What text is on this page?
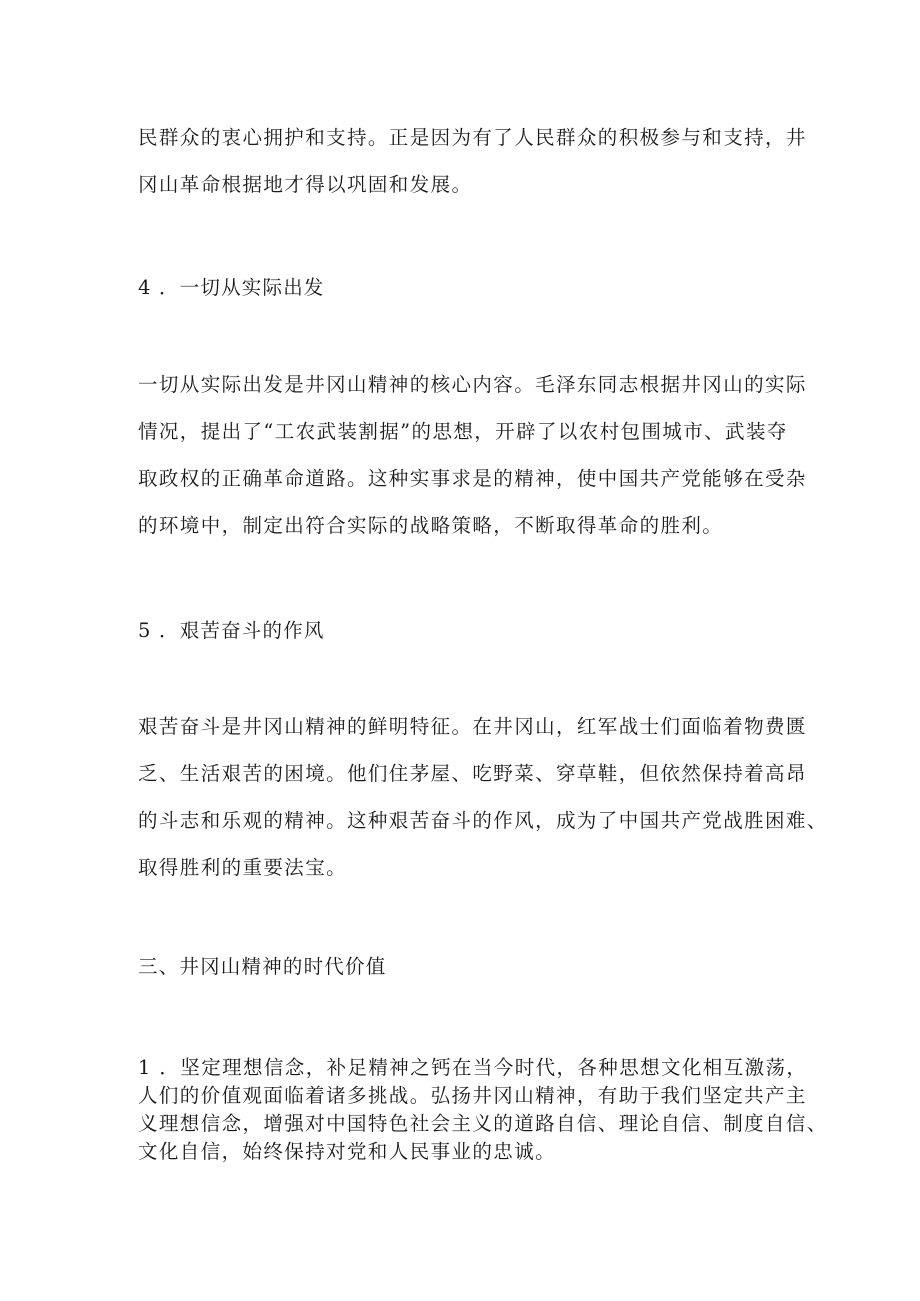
民群众的衷心拥护和支持。正是因为有了人民群众的积极参与和支持，井
冈山革命根据地才得以巩固和发展。
4 ．一切从实际出发
一切从实际出发是井冈山精神的核心内容。毛泽东同志根据井冈山的实际
情况，提出了“工农武装割据”的思想，开辟了以农村包围城市、武装夺
取政权的正确革命道路。这种实事求是的精神，使中国共产党能够在受杂
的环境中，制定出符合实际的战略策略，不断取得革命的胜利。
5 ．艰苦奋斗的作风
艰苦奋斗是井冈山精神的鲜明特征。在井冈山，红军战士们面临着物费匮
乏、生活艰苦的困境。他们住茅屋、吃野菜、穿草鞋，但依然保持着高昂
的斗志和乐观的精神。这种艰苦奋斗的作风，成为了中国共产党战胜困难、
取得胜利的重要法宝。
三、井冈山精神的时代价值
1 ．坚定理想信念，补足精神之钙在当今时代，各种思想文化相互激荡，
人们的价值观面临着诸多挑战。弘扬井冈山精神，有助于我们坚定共产主
义理想信念，增强对中国特色社会主义的道路自信、理论自信、制度自信、
文化自信，始终保持对党和人民事业的忠诚。
